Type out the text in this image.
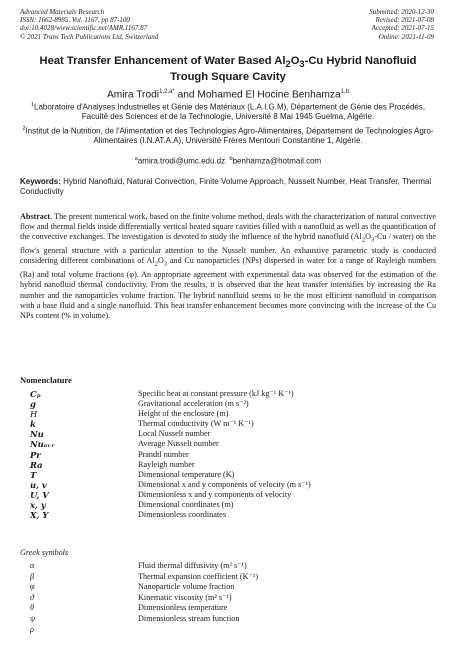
Advanced Materials Research
ISSN: 1662-8985, Vol. 1167, pp 87-100
doi:10.4028/www.scientific.net/AMR.1167.87
© 2021 Trans Tech Publications Ltd, Switzerland
Submitted: 2020-12-30
Revised: 2021-07-08
Accepted: 2021-07-15
Online: 2021-11-09
Heat Transfer Enhancement of Water Based $Al_2O_3-Cu$ Hybrid Nanofluid Trough Square Cavity
Amira Trodi$^{1,2,a*}$ and Mohamed El Hocine Benhamza$^{1,b}$
$^1$Laboratoire d'Analyses Industrielles et Génie des Matériaux (L.A.I.G.M), Département de Génie des Procédés, Faculté des Sciences et de la Technologie, Université 8 Mai 1945 Guelma, Algérie.
$^2$Institut de la Nutrition, de l'Alimentation et des Technologies Agro-Alimentaires, Département de Technologies Agro-Alimentaires (I.N.AT.A.A), Université Frères Mentouri Constantine 1, Algérie.
$^a$amira.trodi@umc.edu.dz $^b$benhamza@hotmail.com
Keywords: Hybrid Nanofluid, Natural Convection, Finite Volume Approach, Nusselt Number, Heat Transfer, Thermal Conductivity
Abstract. The present numerical work, based on the finite volume method, deals with the characterization of natural convective flow and thermal fields inside differentially vertical heated square cavities filled with a nanofluid as well as the quantification of the convective exchanges. The investigation is devoted to study the influence of the hybrid nanofluid ($Al_2O_3-Cu$ / water) on the flow's general structure with a particular attention to the Nusselt number. An exhaustive parametric study is conducted considering different combinations of $Al_2O_3$ and Cu nanoparticles (NPs) dispersed in water for a range of Rayleigh numbers (Ra) and total volume fractions (φ). An appropriate agreement with experimental data was observed for the estimation of the hybrid nanofluid thermal conductivity. From the results, it is observed that the heat transfer intensifies by increasing the Ra number and the nanoparticles volume fraction. The hybrid nanofluid seems to be the most efficient nanofluid in comparison with a base fluid and a single nanofluid. This heat transfer enhancement becomes more convincing with the increase of the Cu NPs content (% in volume).
Nomenclature
Cₚ	Specific heat at constant pressure (kJ kg⁻¹ K⁻¹)
g	Gravitational acceleration (m s⁻²)
H	Height of the enclosure (m)
k	Thermal conductivity (W m⁻¹ K⁻¹)
Nu	Local Nusselt number
Nuₐᵥᵣ	Average Nusselt number
Pr	Prandtl number
Ra	Rayleigh number
T	Dimensional temperature (K)
u, v	Dimensional x and y components of velocity (m s⁻¹)
U, V	Dimensionless x and y components of velocity
x, y	Dimensional coordinates (m)
X, Y	Dimensionless coordinates
Greek symbols
α	Fluid thermal diffusivity (m² s⁻¹)
β	Thermal expansion coefficient (K⁻¹)
φ	Nanoparticle volume fraction
ϑ	Kinematic viscosity (m² s⁻¹)
θ	Dimensionless temperature
ψ	Dimensionless stream function
ρ
